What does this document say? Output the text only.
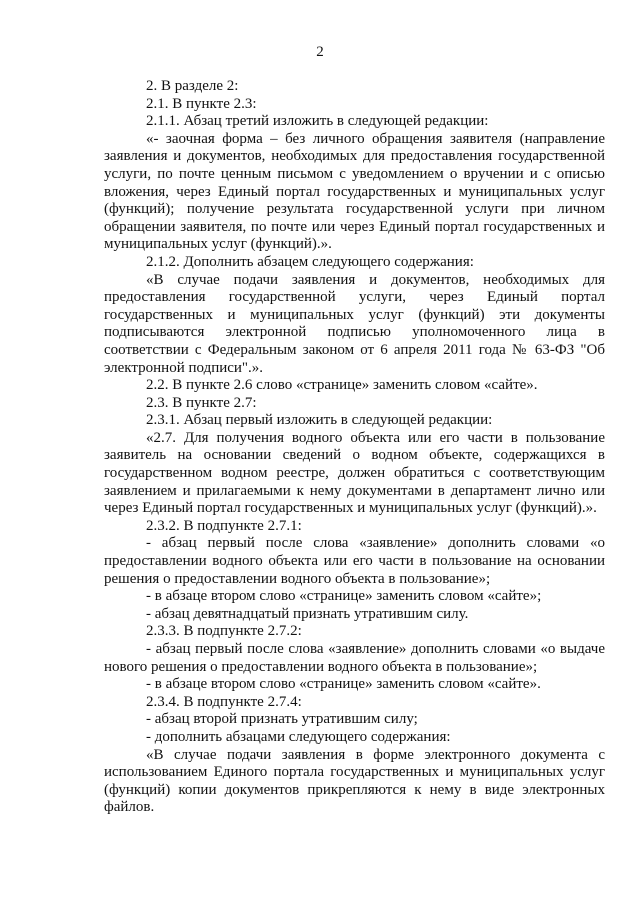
2

2. В разделе 2:

2.1. В пункте 2.3:

2.1.1. Абзац третий изложить в следующей редакции:

«- заочная форма – без личного обращения заявителя (направление заявления и документов, необходимых для предоставления государственной услуги, по почте ценным письмом с уведомлением о вручении и с описью вложения, через Единый портал государственных и муниципальных услуг (функций); получение результата государственной услуги при личном обращении заявителя, по почте или через Единый портал государственных и муниципальных услуг (функций).».

2.1.2. Дополнить абзацем следующего содержания:

«В случае подачи заявления и документов, необходимых для предоставления государственной услуги, через Единый портал государственных и муниципальных услуг (функций) эти документы подписываются электронной подписью уполномоченного лица в соответствии с Федеральным законом от 6 апреля 2011 года № 63-ФЗ "Об электронной подписи".».

2.2. В пункте 2.6 слово «странице» заменить словом «сайте».

2.3. В пункте 2.7:

2.3.1. Абзац первый изложить в следующей редакции:

«2.7. Для получения водного объекта или его части в пользование заявитель на основании сведений о водном объекте, содержащихся в государственном водном реестре, должен обратиться с соответствующим заявлением и прилагаемыми к нему документами в департамент лично или через Единый портал государственных и муниципальных услуг (функций).».

2.3.2. В подпункте 2.7.1:

- абзац первый после слова «заявление» дополнить словами «о предоставлении водного объекта или его части в пользование на основании решения о предоставлении водного объекта в пользование»;

- в абзаце втором слово «странице» заменить словом «сайте»;

- абзац девятнадцатый признать утратившим силу.

2.3.3. В подпункте 2.7.2:

- абзац первый после слова «заявление» дополнить словами «о выдаче нового решения о предоставлении водного объекта в пользование»;

- в абзаце втором слово «странице» заменить словом «сайте».

2.3.4. В подпункте 2.7.4:

- абзац второй признать утратившим силу;

- дополнить абзацами следующего содержания:

«В случае подачи заявления в форме электронного документа с использованием Единого портала государственных и муниципальных услуг (функций) копии документов прикрепляются к нему в виде электронных файлов.
